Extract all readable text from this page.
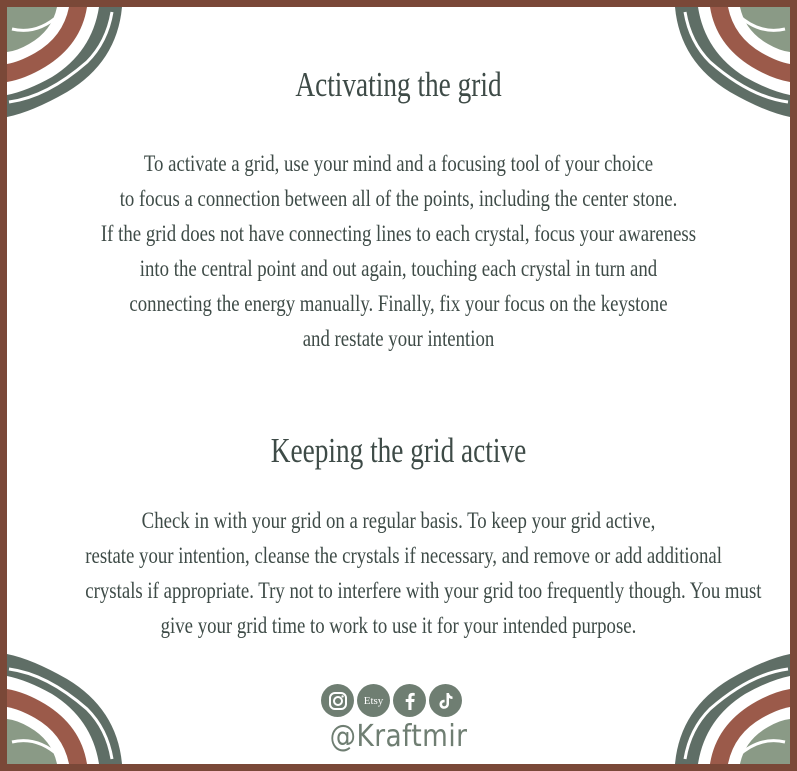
Activating the grid
To activate a grid, use your mind and a focusing tool of your choice
to focus a connection between all of the points, including the center stone.
If the grid does not have connecting lines to each crystal, focus your awareness
into the central point and out again, touching each crystal in turn and
connecting the energy manually. Finally, fix your focus on the keystone
and restate your intention
Keeping the grid active
Check in with your grid on a regular basis. To keep your grid active,
restate your intention, cleanse the crystals if necessary, and remove or add additional
crystals if appropriate. Try not to interfere with your grid too frequently though. You must
give your grid time to work to use it for your intended purpose.
Etsy
@Kraftmir
